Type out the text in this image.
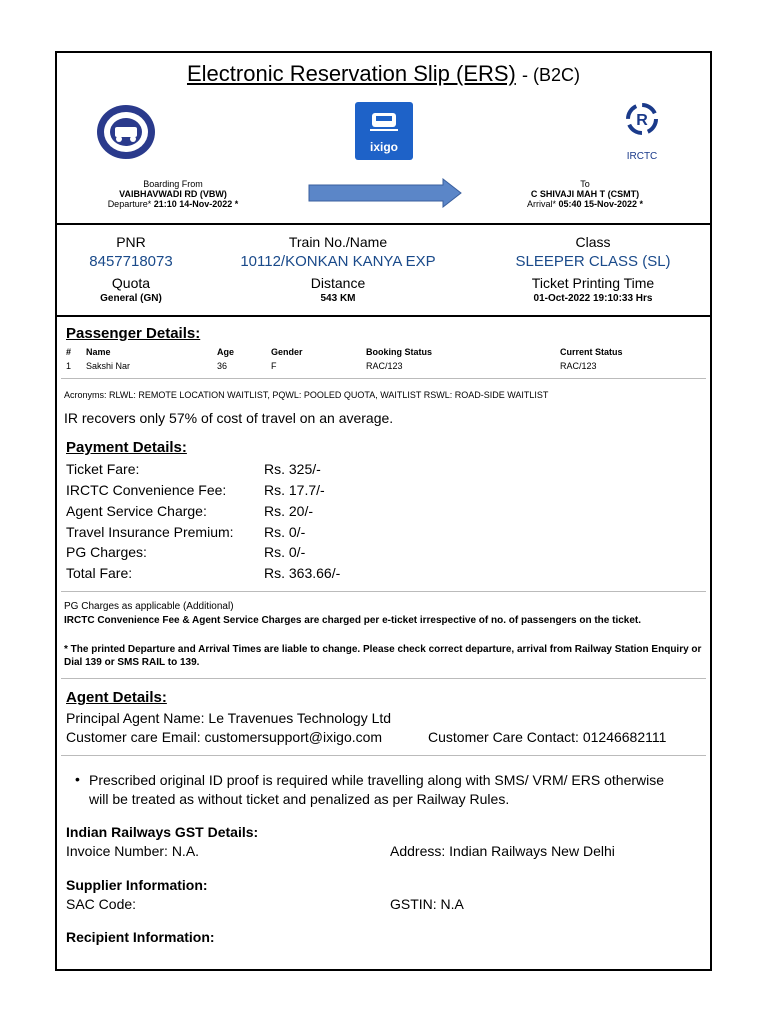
Electronic Reservation Slip (ERS) - (B2C)
ixigo
R
IRCTC
Boarding From
VAIBHAVWADI RD (VBW)
Departure* 21:10 14-Nov-2022 *
To
C SHIVAJI MAH T (CSMT)
Arrival* 05:40 15-Nov-2022 *
PNR
8457718073
Train No./Name
10112/KONKAN KANYA EXP
Class
SLEEPER CLASS (SL)
Quota
General (GN)
Distance
543 KM
Ticket Printing Time
01-Oct-2022 19:10:33 Hrs
Passenger Details:
# Name	Age	Gender	Booking Status	Current Status
1 Sakshi Nar	36	F	RAC/123	RAC/123
Acronyms: RLWL: REMOTE LOCATION WAITLIST, PQWL: POOLED QUOTA, WAITLIST RSWL: ROAD-SIDE WAITLIST
IR recovers only 57% of cost of travel on an average.
Payment Details:
Ticket Fare:	Rs. 325/-
IRCTC Convenience Fee:	Rs. 17.7/-
Agent Service Charge:	Rs. 20/-
Travel Insurance Premium: Rs. 0/-
PG Charges:	Rs. 0/-
Total Fare:	Rs. 363.66/-
PG Charges as applicable (Additional)
IRCTC Convenience Fee & Agent Service Charges are charged per e-ticket irrespective of no. of passengers on the ticket.
* The printed Departure and Arrival Times are liable to change. Please check correct departure, arrival from Railway Station Enquiry or Dial 139 or SMS RAIL to 139.
Agent Details:
Principal Agent Name: Le Travenues Technology Ltd
Customer care Email: customersupport@ixigo.com	Customer Care Contact: 01246682111
• Prescribed original ID proof is required while travelling along with SMS/ VRM/ ERS otherwise will be treated as without ticket and penalized as per Railway Rules.
Indian Railways GST Details:
Invoice Number: N.A.	Address: Indian Railways New Delhi
Supplier Information:
SAC Code:	GSTIN: N.A
Recipient Information:
